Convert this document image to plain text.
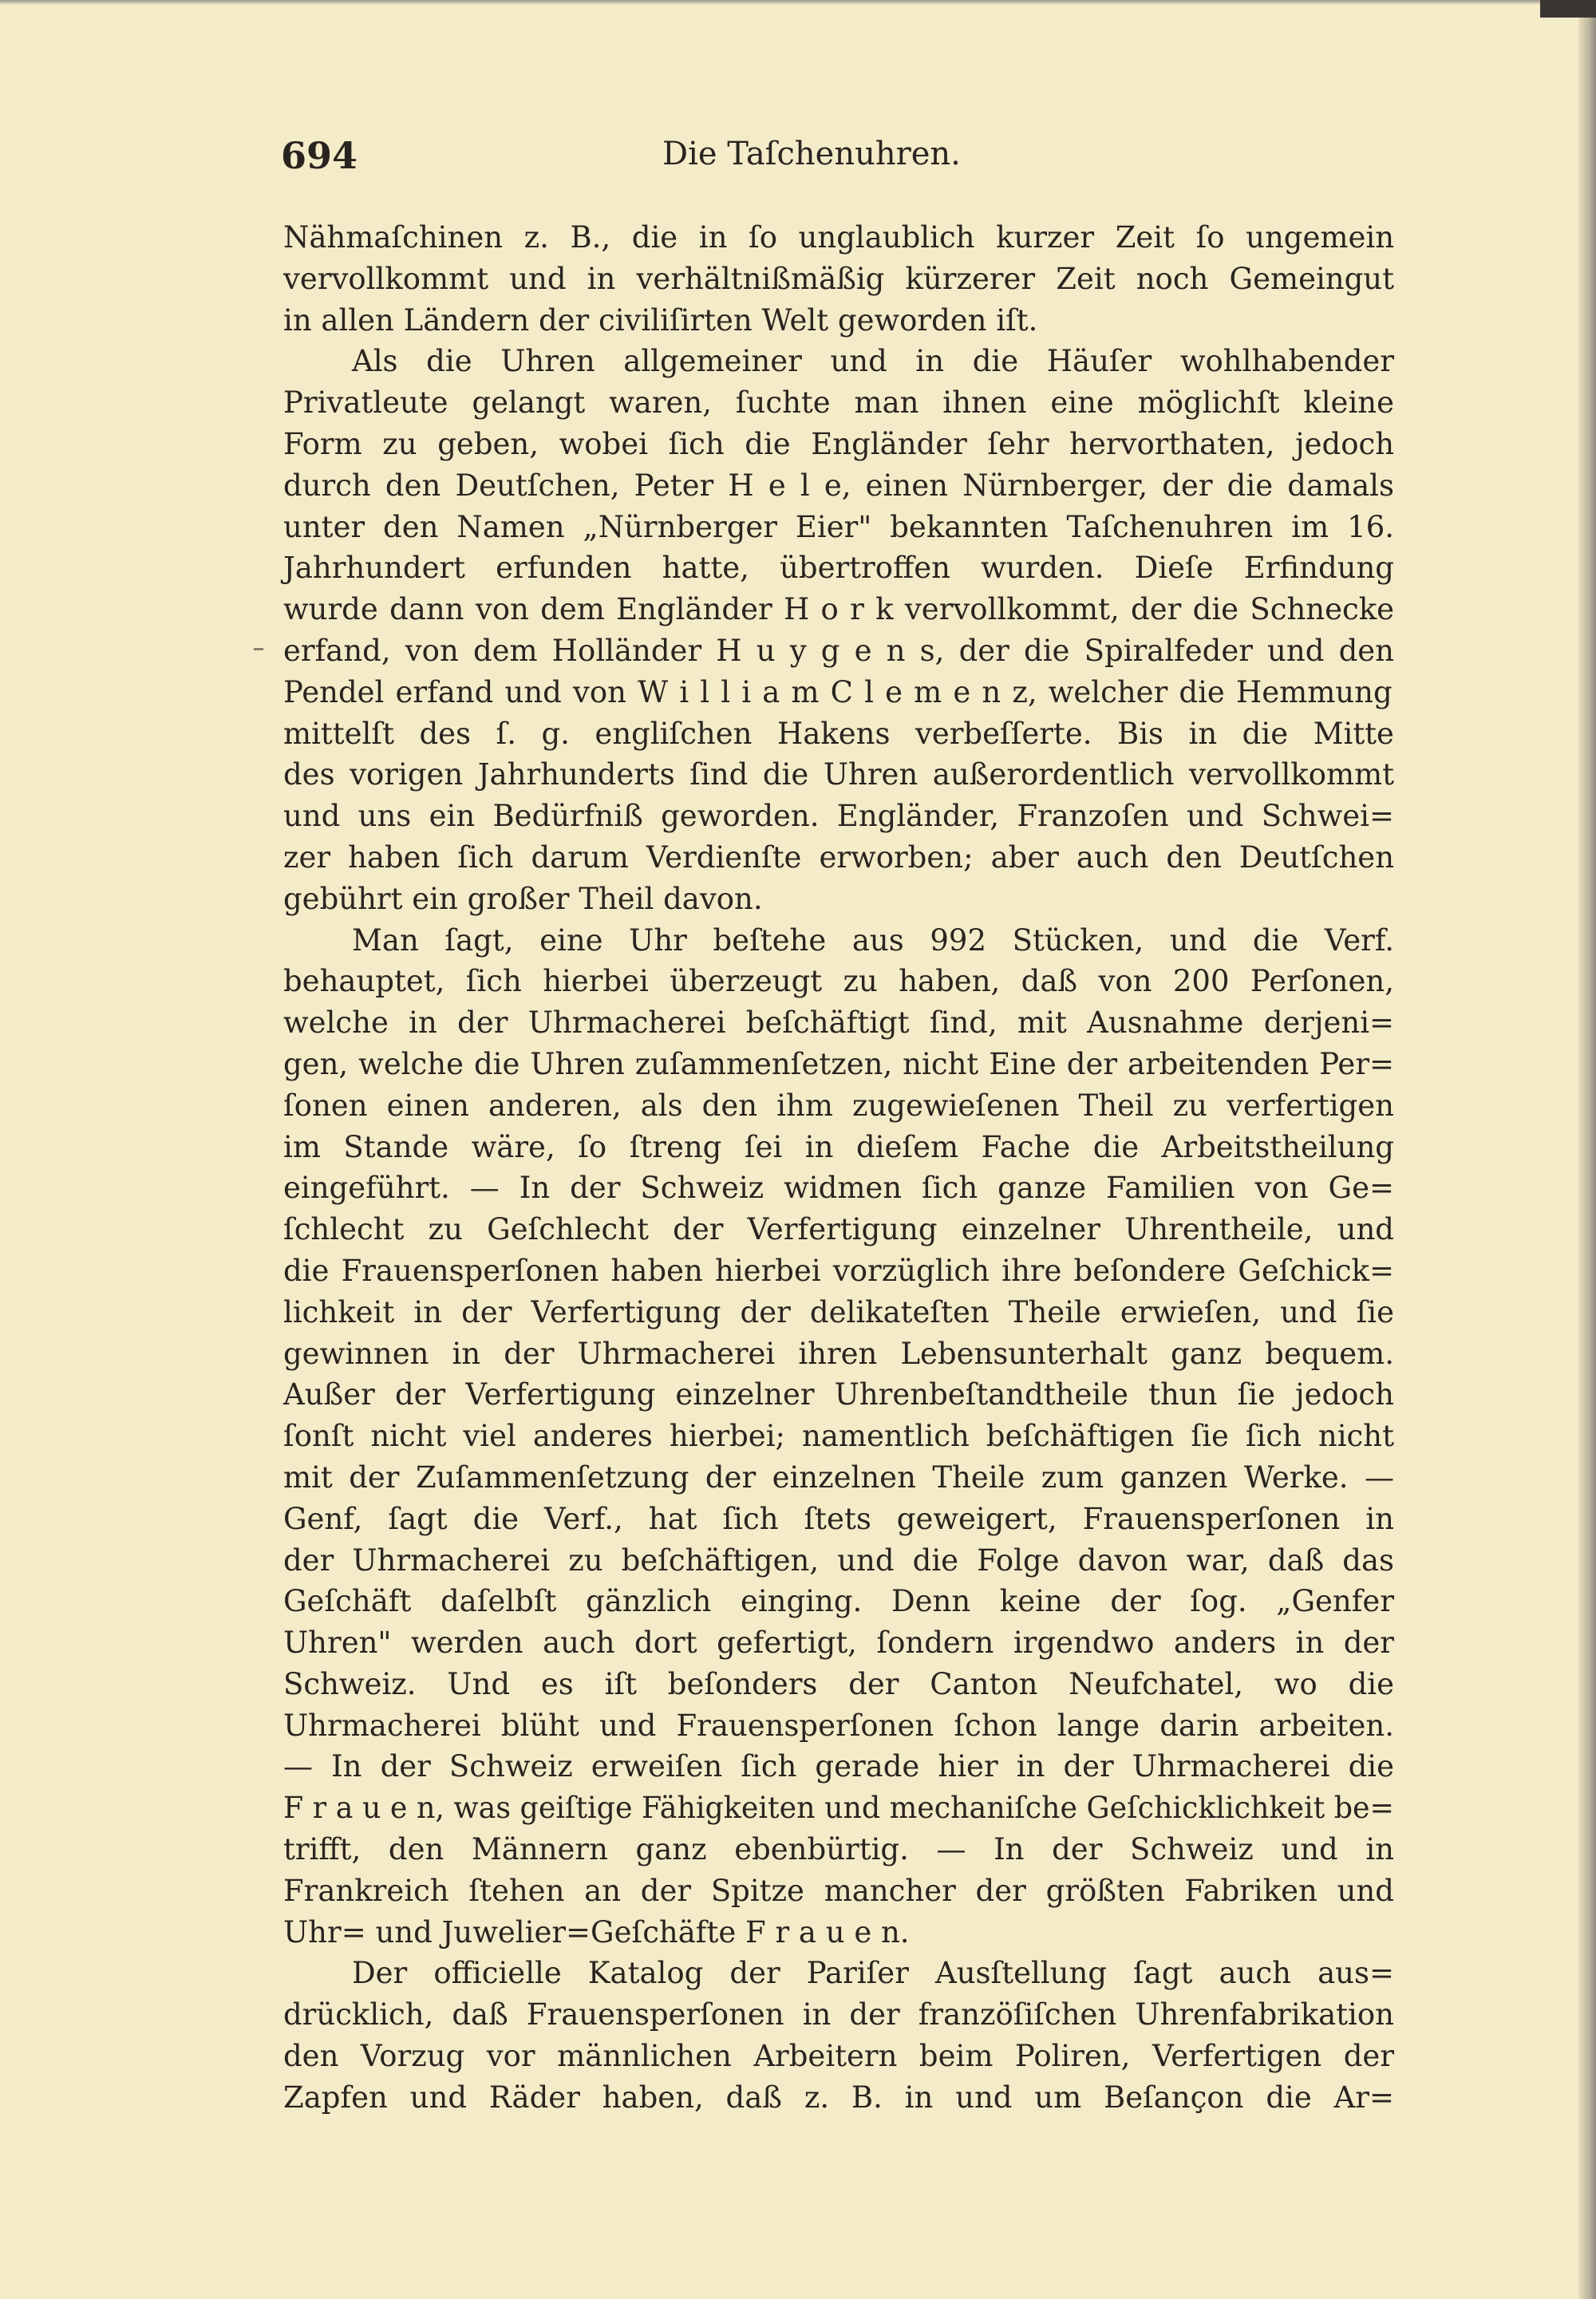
694	Die Taſchenuhren.
Nähmaſchinen z. B., die in ſo unglaublich kurzer Zeit ſo ungemein
vervollkommt und in verhältnißmäßig kürzerer Zeit noch Gemeingut
in allen Ländern der civiliſirten Welt geworden iſt.
Als die Uhren allgemeiner und in die Häuſer wohlhabender
Privatleute gelangt waren, ſuchte man ihnen eine möglichſt kleine
Form zu geben, wobei ſich die Engländer ſehr hervorthaten, jedoch
durch den Deutſchen, Peter H e l e, einen Nürnberger, der die damals
unter den Namen „Nürnberger Eier" bekannten Taſchenuhren im 16.
Jahrhundert erfunden hatte, übertroffen wurden. Dieſe Erfindung
wurde dann von dem Engländer H o r k vervollkommt, der die Schnecke
erfand, von dem Holländer H u y g e n s, der die Spiralfeder und den
Pendel erfand und von W i l l i a m C l e m e n z, welcher die Hemmung
mittelſt des ſ. g. engliſchen Hakens verbeſſerte. Bis in die Mitte
des vorigen Jahrhunderts ſind die Uhren außerordentlich vervollkommt
und uns ein Bedürfniß geworden. Engländer, Franzoſen und Schwei=
zer haben ſich darum Verdienſte erworben; aber auch den Deutſchen
gebührt ein großer Theil davon.
Man ſagt, eine Uhr beſtehe aus 992 Stücken, und die Verf.
behauptet, ſich hierbei überzeugt zu haben, daß von 200 Perſonen,
welche in der Uhrmacherei beſchäftigt ſind, mit Ausnahme derjeni=
gen, welche die Uhren zuſammenſetzen, nicht Eine der arbeitenden Per=
ſonen einen anderen, als den ihm zugewieſenen Theil zu verfertigen
im Stande wäre, ſo ſtreng ſei in dieſem Fache die Arbeitstheilung
eingeführt. — In der Schweiz widmen ſich ganze Familien von Ge=
ſchlecht zu Geſchlecht der Verfertigung einzelner Uhrentheile, und
die Frauensperſonen haben hierbei vorzüglich ihre beſondere Geſchick=
lichkeit in der Verfertigung der delikateſten Theile erwieſen, und ſie
gewinnen in der Uhrmacherei ihren Lebensunterhalt ganz bequem.
Außer der Verfertigung einzelner Uhrenbeſtandtheile thun ſie jedoch
ſonſt nicht viel anderes hierbei; namentlich beſchäftigen ſie ſich nicht
mit der Zuſammenſetzung der einzelnen Theile zum ganzen Werke. —
Genf, ſagt die Verf., hat ſich ſtets geweigert, Frauensperſonen in
der Uhrmacherei zu beſchäftigen, und die Folge davon war, daß das
Geſchäft daſelbſt gänzlich einging. Denn keine der ſog. „Genfer
Uhren" werden auch dort gefertigt, ſondern irgendwo anders in der
Schweiz. Und es iſt beſonders der Canton Neufchatel, wo die
Uhrmacherei blüht und Frauensperſonen ſchon lange darin arbeiten.
— In der Schweiz erweiſen ſich gerade hier in der Uhrmacherei die
F r a u e n, was geiſtige Fähigkeiten und mechaniſche Geſchicklichkeit be=
trifft, den Männern ganz ebenbürtig. — In der Schweiz und in
Frankreich ſtehen an der Spitze mancher der größten Fabriken und
Uhr= und Juwelier=Geſchäfte F r a u e n.
Der officielle Katalog der Pariſer Ausſtellung ſagt auch aus=
drücklich, daß Frauensperſonen in der franzöſiſchen Uhrenfabrikation
den Vorzug vor männlichen Arbeitern beim Poliren, Verfertigen der
Zapfen und Räder haben, daß z. B. in und um Beſançon die Ar=
